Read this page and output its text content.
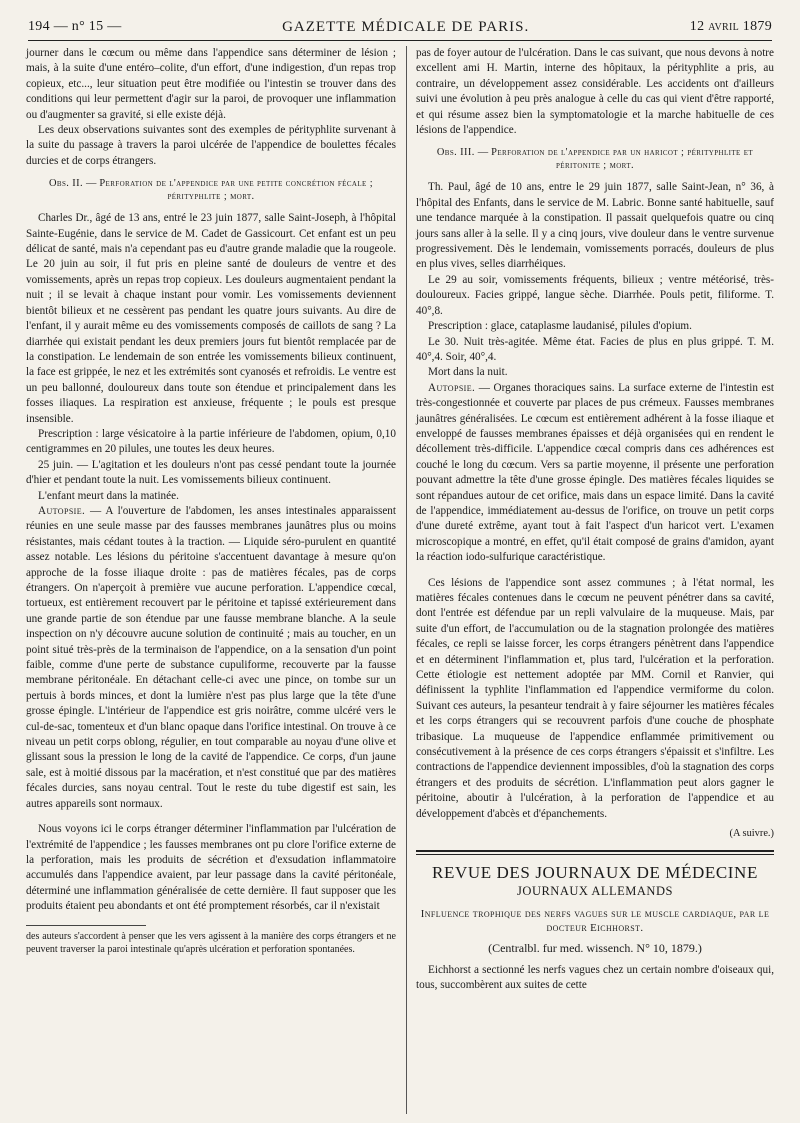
194 — n° 15 —	GAZETTE MÉDICALE DE PARIS.	12 avril 1879

journer dans le cœcum ou même dans l'appendice sans déterminer de lésion ; mais, à la suite d'une entéro–colite, d'un effort, d'une indigestion, d'un repas trop copieux, etc..., leur situation peut être modifiée ou l'intestin se trouver dans des conditions qui leur permettent d'agir sur la paroi, de provoquer une inflammation ou d'augmenter sa gravité, si elle existe déjà.

Les deux observations suivantes sont des exemples de pérityphlite survenant à la suite du passage à travers la paroi ulcérée de l'appendice de boulettes fécales durcies et de corps étrangers.

Obs. II. — Perforation de l'appendice par une petite concrétion fécale ; pérityphlite ; mort.

Charles Dr., âgé de 13 ans, entré le 23 juin 1877, salle Saint-Joseph, à l'hôpital Sainte-Eugénie, dans le service de M. Cadet de Gassicourt. Cet enfant est un peu délicat de santé, mais n'a cependant pas eu d'autre grande maladie que la rougeole. Le 20 juin au soir, il fut pris en pleine santé de douleurs de ventre et des vomissements, après un repas trop copieux. Les douleurs augmentaient pendant la nuit ; il se levait à chaque instant pour vomir. Les vomissements deviennent bientôt bilieux et ne cessèrent pas pendant les quatre jours suivants. Au dire de l'enfant, il y aurait même eu des vomissements composés de caillots de sang ? La diarrhée qui existait pendant les deux premiers jours fut bientôt remplacée par de la constipation. Le lendemain de son entrée les vomissements bilieux continuent, la face est grippée, le nez et les extrémités sont cyanosés et refroidis. Le ventre est un peu ballonné, douloureux dans toute son étendue et principalement dans les fosses iliaques. La respiration est anxieuse, fréquente ; le pouls est presque insensible.

Prescription : large vésicatoire à la partie inférieure de l'abdomen, opium, 0,10 centigrammes en 20 pilules, une toutes les deux heures.

25 juin. — L'agitation et les douleurs n'ont pas cessé pendant toute la journée d'hier et pendant toute la nuit. Les vomissements bilieux continuent.

L'enfant meurt dans la matinée.

Autopsie. — A l'ouverture de l'abdomen, les anses intestinales apparaissent réunies en une seule masse par des fausses membranes jaunâtres plus ou moins résistantes, mais cédant toutes à la traction. — Liquide séro-purulent en quantité assez notable. Les lésions du péritoine s'accentuent davantage à mesure qu'on approche de la fosse iliaque droite : pas de matières fécales, pas de corps étrangers. On n'aperçoit à première vue aucune perforation. L'appendice cœcal, tortueux, est entièrement recouvert par le péritoine et tapissé extérieurement dans une grande partie de son étendue par une fausse membrane blanche. A la seule inspection on n'y découvre aucune solution de continuité ; mais au toucher, en un point situé très-près de la terminaison de l'appendice, on a la sensation d'un point faible, comme d'une perte de substance cupuliforme, recouverte par la fausse membrane péritonéale. En détachant celle-ci avec une pince, on tombe sur un pertuis à bords minces, et dont la lumière n'est pas plus large que la tête d'une grosse épingle. L'intérieur de l'appendice est gris noirâtre, comme ulcéré vers le cul-de-sac, tomenteux et d'un blanc opaque dans l'orifice intestinal. On trouve à ce niveau un petit corps oblong, régulier, en tout comparable au noyau d'une olive et glissant sous la pression le long de la cavité de l'appendice. Ce corps, d'un jaune sale, est à moitié dissous par la macération, et n'est constitué que par des matières fécales durcies, sans noyau central. Tout le reste du tube digestif est sain, les autres appareils sont normaux.

Nous voyons ici le corps étranger déterminer l'inflammation par l'ulcération de l'extrémité de l'appendice ; les fausses membranes ont pu clore l'orifice externe de la perforation, mais les produits de sécrétion et d'exsudation inflammatoire accumulés dans l'appendice avaient, par leur passage dans la cavité péritonéale, déterminé une inflammation généralisée de cette dernière. Il faut supposer que les produits étaient peu abondants et ont été promptement résorbés, car il n'existait

des auteurs s'accordent à penser que les vers agissent à la manière des corps étrangers et ne peuvent traverser la paroi intestinale qu'après ulcération et perforation spontanées.

pas de foyer autour de l'ulcération. Dans le cas suivant, que nous devons à notre excellent ami H. Martin, interne des hôpitaux, la pérityphlite a pris, au contraire, un développement assez considérable. Les accidents ont d'ailleurs suivi une évolution à peu près analogue à celle du cas qui vient d'être rapporté, et qui résume assez bien la symptomatologie et la marche habituelle de ces lésions de l'appendice.

Obs. III. — Perforation de l'appendice par un haricot ; pérityphlite et péritonite ; mort.

Th. Paul, âgé de 10 ans, entre le 29 juin 1877, salle Saint-Jean, n° 36, à l'hôpital des Enfants, dans le service de M. Labric. Bonne santé habituelle, sauf une tendance marquée à la constipation. Il passait quelquefois quatre ou cinq jours sans aller à la selle. Il y a cinq jours, vive douleur dans le ventre survenue progressivement. Dès le lendemain, vomissements porracés, douleurs de plus en plus vives, selles diarrhéiques.

Le 29 au soir, vomissements fréquents, bilieux ; ventre météorisé, très-douloureux. Facies grippé, langue sèche. Diarrhée. Pouls petit, filiforme. T. 40°,8.

Prescription : glace, cataplasme laudanisé, pilules d'opium.

Le 30. Nuit très-agitée. Même état. Facies de plus en plus grippé. T. M. 40°,4. Soir, 40°,4.

Mort dans la nuit.

Autopsie. — Organes thoraciques sains. La surface externe de l'intestin est très-congestionnée et couverte par places de pus crémeux. Fausses membranes jaunâtres généralisées. Le cœcum est entièrement adhérent à la fosse iliaque et enveloppé de fausses membranes épaisses et déjà organisées qui en rendent le décollement très-difficile. L'appendice cœcal compris dans ces adhérences est couché le long du cœcum. Vers sa partie moyenne, il présente une perforation pouvant admettre la tête d'une grosse épingle. Des matières fécales liquides se sont répandues autour de cet orifice, mais dans un espace limité. Dans la cavité de l'appendice, immédiatement au-dessus de l'orifice, on trouve un petit corps d'une dureté extrême, ayant tout à fait l'aspect d'un haricot vert. L'examen microscopique a montré, en effet, qu'il était composé de grains d'amidon, ayant la réaction iodo-sulfurique caractéristique.

Ces lésions de l'appendice sont assez communes ; à l'état normal, les matières fécales contenues dans le cœcum ne peuvent pénétrer dans sa cavité, dont l'entrée est défendue par un repli valvulaire de la muqueuse. Mais, par suite d'un effort, de l'accumulation ou de la stagnation prolongée des matières fécales, ce repli se laisse forcer, les corps étrangers pénètrent dans l'appendice et en déterminent l'inflammation et, plus tard, l'ulcération et la perforation. Cette étiologie est nettement adoptée par MM. Cornil et Ranvier, qui définissent la typhlite l'inflammation ed l'appendice vermiforme du colon. Suivant ces auteurs, la pesanteur tendrait à y faire séjourner les matières fécales et les corps étrangers qui se recouvrent parfois d'une couche de phosphate tribasique. La muqueuse de l'appendice enflammée primitivement ou consécutivement à la présence de ces corps étrangers s'épaissit et s'infiltre. Les contractions de l'appendice deviennent impossibles, d'où la stagnation des corps étrangers et des produits de sécrétion. L'inflammation peut alors gagner le péritoine, aboutir à l'ulcération, à la perforation de l'appendice et au développement d'abcès et d'épanchements.

(A suivre.)
REVUE DES JOURNAUX DE MÉDECINE
JOURNAUX ALLEMANDS
Influence trophique des nerfs vagues sur le muscle cardiaque, par le docteur Eichhorst.
(Centralbl. fur med. wissench. N° 10, 1879.)

Eichhorst a sectionné les nerfs vagues chez un certain nombre d'oiseaux qui, tous, succombèrent aux suites de cette
